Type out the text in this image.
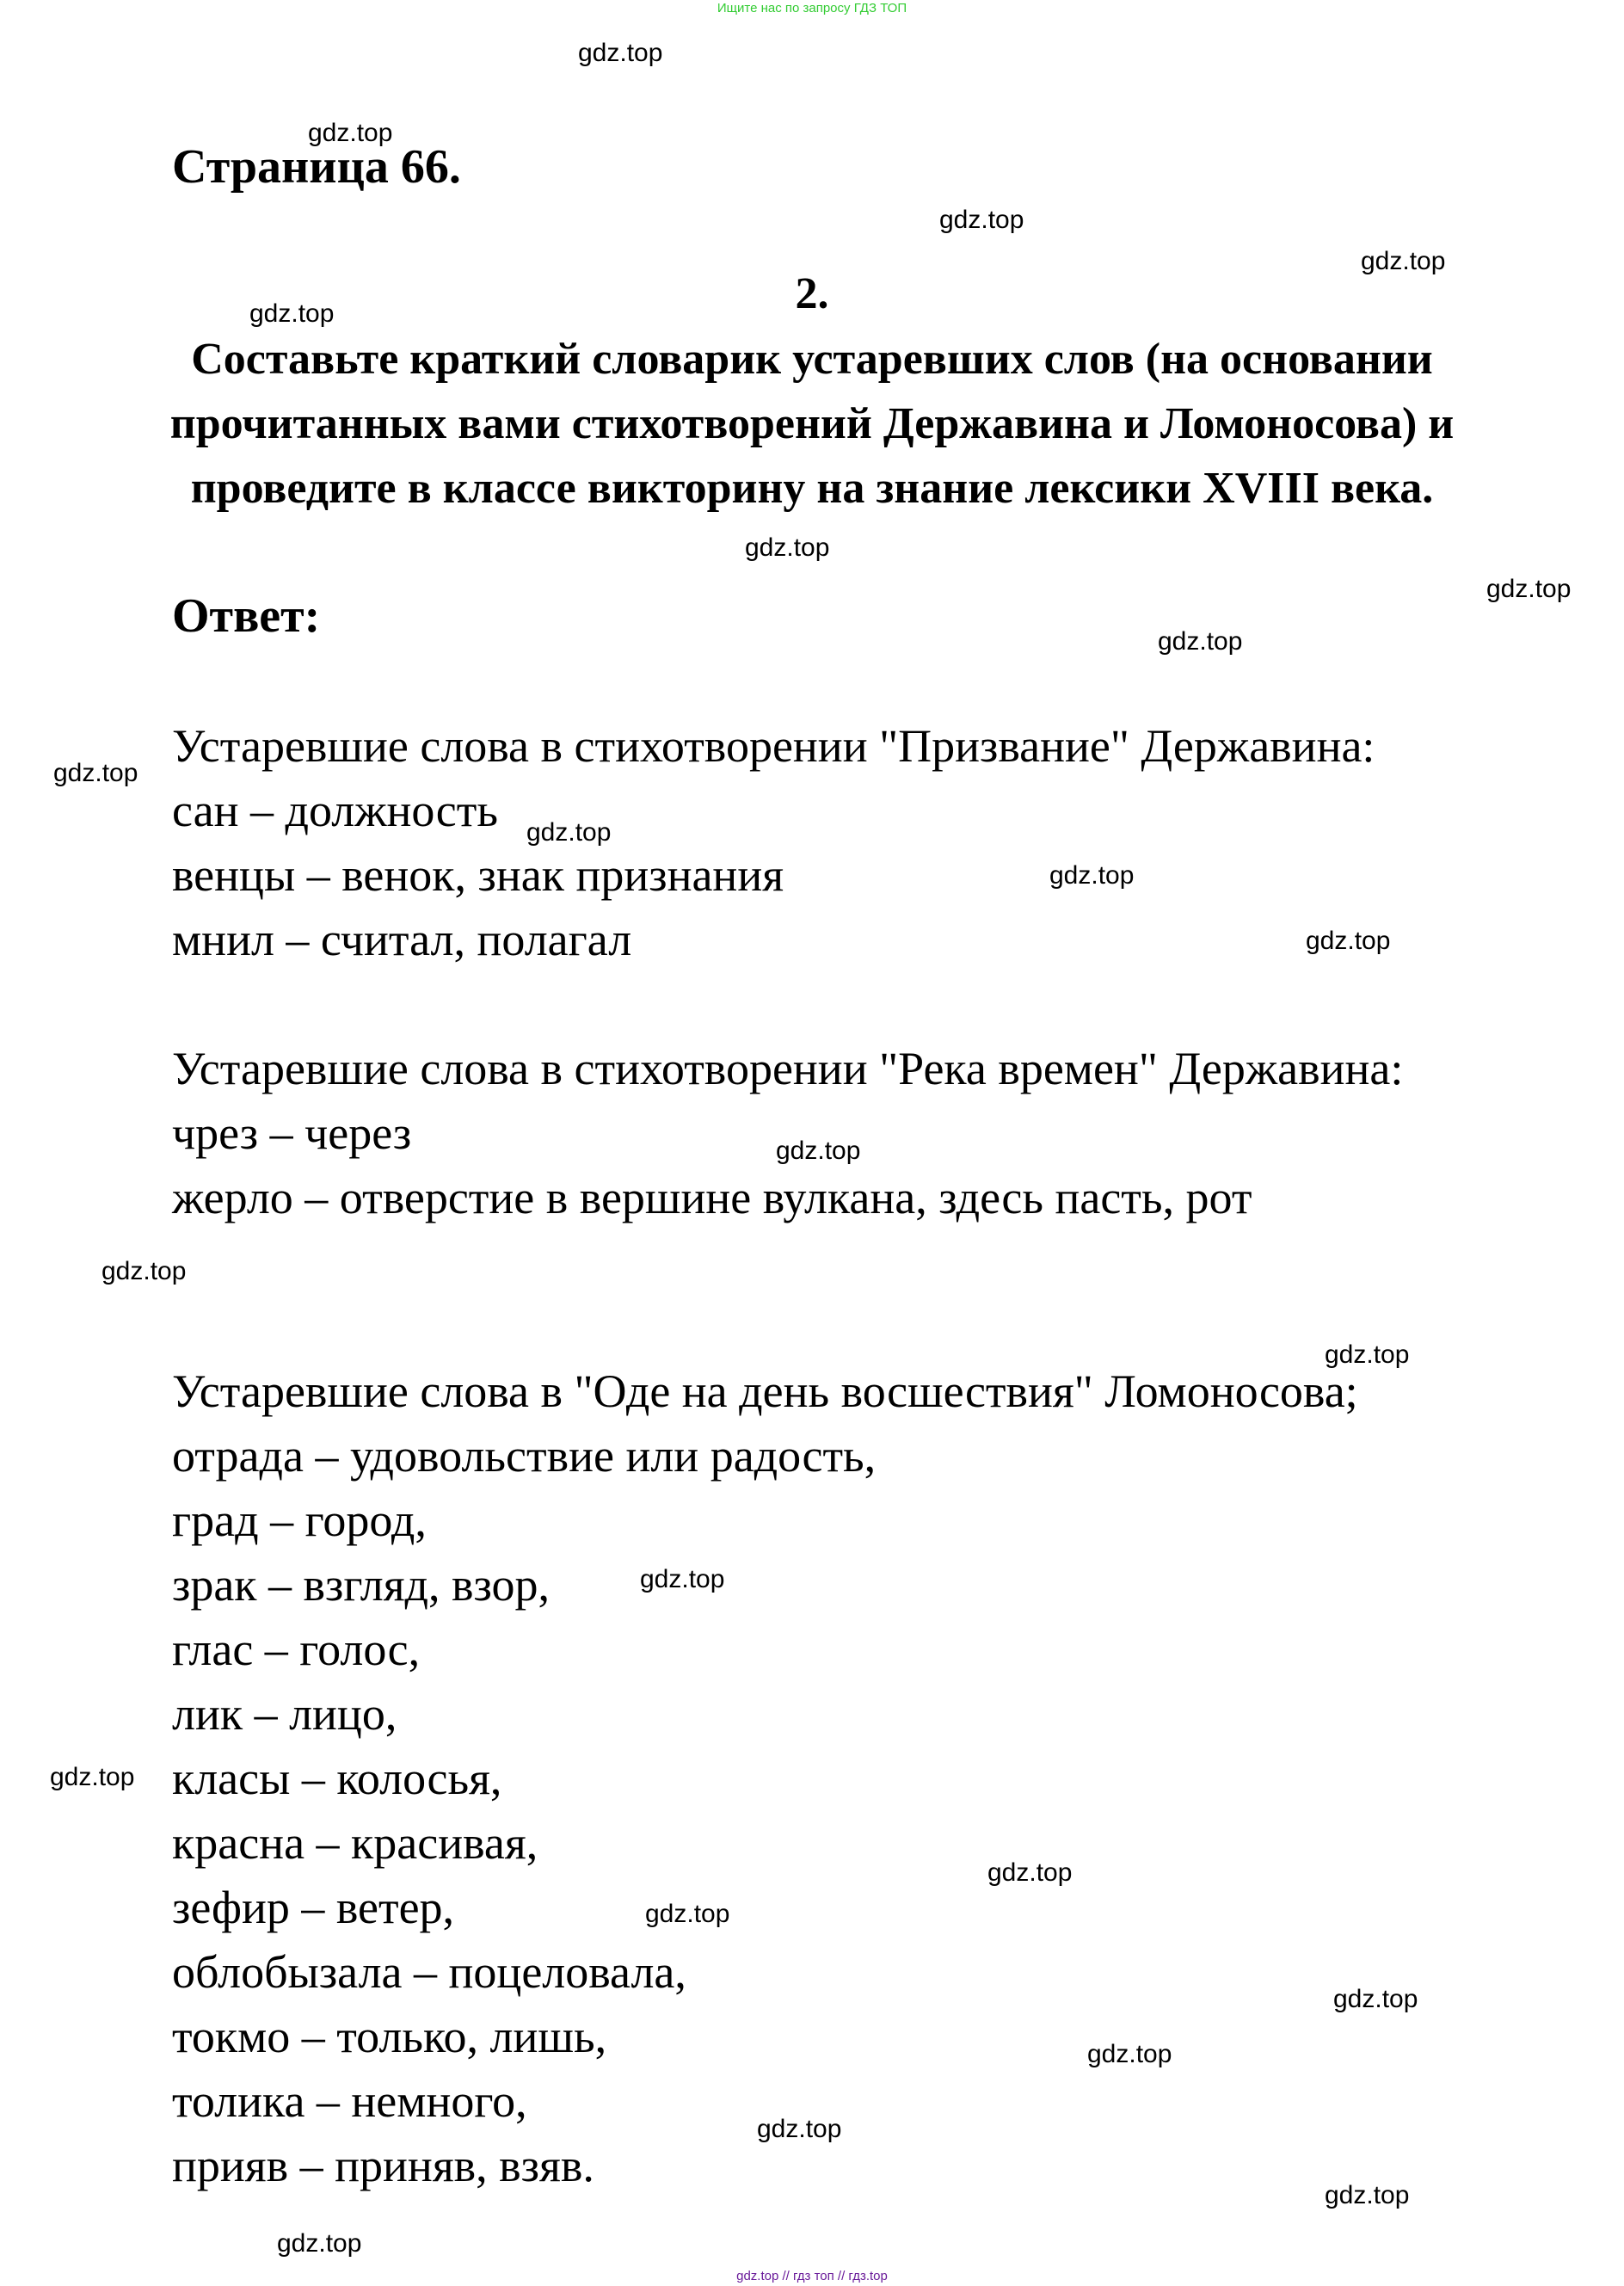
Ищите нас по запросу ГДЗ ТОП
Страница 66.
2.
Составьте краткий словарик устаревших слов (на основании
прочитанных вами стихотворений Державина и Ломоносова) и
проведите в классе викторину на знание лексики XVIII века.
Ответ:
Устаревшие слова в стихотворении "Призвание" Державина:
сан – должность
венцы – венок, знак признания
мнил – считал, полагал
Устаревшие слова в стихотворении "Река времен" Державина:
чрез – через
жерло – отверстие в вершине вулкана, здесь пасть, рот
Устаревшие слова в "Оде на день восшествия" Ломоносова;
отрада – удовольствие или радость,
град – город,
зрак – взгляд, взор,
глас – голос,
лик – лицо,
класы – колосья,
красна – красивая,
зефир – ветер,
облобызала – поцеловала,
токмо – только, лишь,
толика – немного,
прияв – приняв, взяв.
gdz.top
gdz.top
gdz.top
gdz.top
gdz.top
gdz.top
gdz.top
gdz.top
gdz.top
gdz.top
gdz.top
gdz.top
gdz.top
gdz.top
gdz.top
gdz.top
gdz.top
gdz.top
gdz.top
gdz.top
gdz.top
gdz.top
gdz.top
gdz.top
gdz.top // гдз топ // гдз.top
